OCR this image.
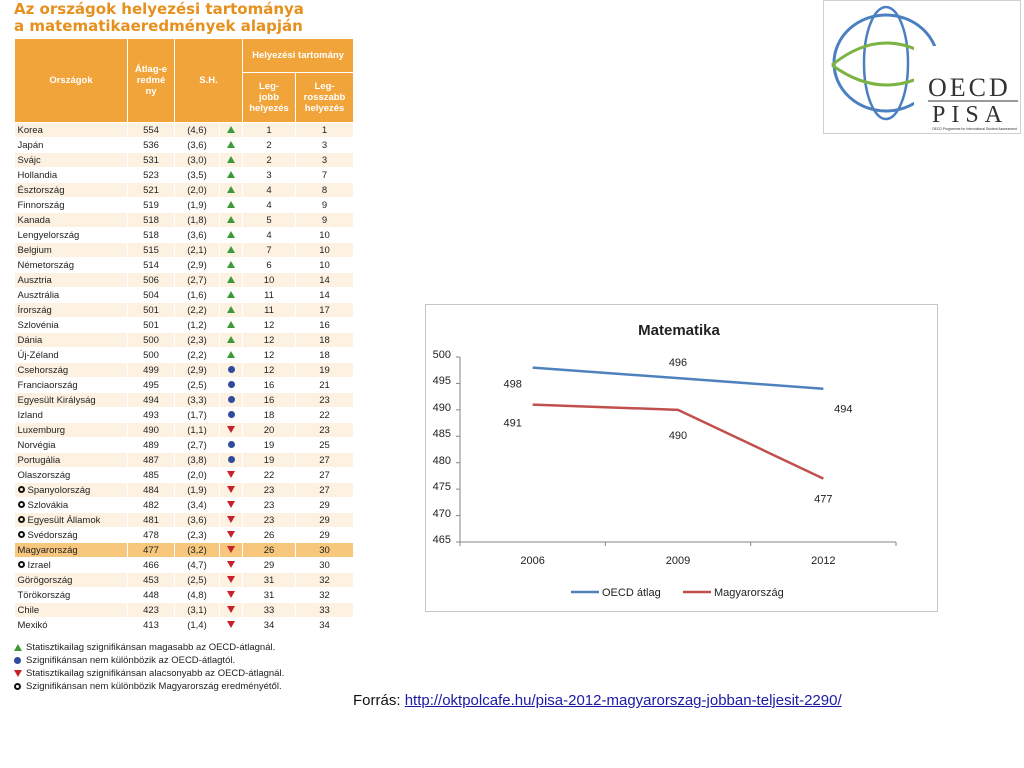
Az országok helyezési tartománya
a matematikaeredmények alapján
Országok	Átlag-eredmény	S.H.		Helyezési tartomány	
				Leg-jobb helyezés	Leg-rosszabb helyezés
Korea	554	(4,6)		1	1
Japán	536	(3,6)		2	3
Svájc	531	(3,0)		2	3
Hollandia	523	(3,5)		3	7
Észtország	521	(2,0)		4	8
Finnország	519	(1,9)		4	9
Kanada	518	(1,8)		5	9
Lengyelország	518	(3,6)		4	10
Belgium	515	(2,1)		7	10
Németország	514	(2,9)		6	10
Ausztria	506	(2,7)		10	14
Ausztrália	504	(1,6)		11	14
Írország	501	(2,2)		11	17
Szlovénia	501	(1,2)		12	16
Dánia	500	(2,3)		12	18
Új-Zéland	500	(2,2)		12	18
Csehország	499	(2,9)		12	19
Franciaország	495	(2,5)		16	21
Egyesült Királyság	494	(3,3)		16	23
Izland	493	(1,7)		18	22
Luxemburg	490	(1,1)		20	23
Norvégia	489	(2,7)		19	25
Portugália	487	(3,8)		19	27
Olaszország	485	(2,0)		22	27
Spanyolország	484	(1,9)		23	27
Szlovákia	482	(3,4)		23	29
Egyesült Államok	481	(3,6)		23	29
Svédország	478	(2,3)		26	29
Magyarország	477	(3,2)		26	30
Izrael	466	(4,7)		29	30
Görögország	453	(2,5)		31	32
Törökország	448	(4,8)		31	32
Chile	423	(3,1)		33	33
Mexikó	413	(1,4)		34	34
Statisztikailag szignifikánsan magasabb az OECD-átlagnál.
Szignifikánsan nem különbözik az OECD-átlagtól.
Statisztikailag szignifikánsan alacsonyabb az OECD-átlagnál.
Szignifikánsan nem különbözik Magyarország eredményétől.
OECD
PISA
OECD Programme for International Student Assessment
Matematika
2006	2009	2012
498
496
494
491
490
477
OECD átlag	Magyarország
500
495
490
485
480
475
470
465
Forrás: http://oktpolcafe.hu/pisa-2012-magyarorszag-jobban-teljesit-2290/
